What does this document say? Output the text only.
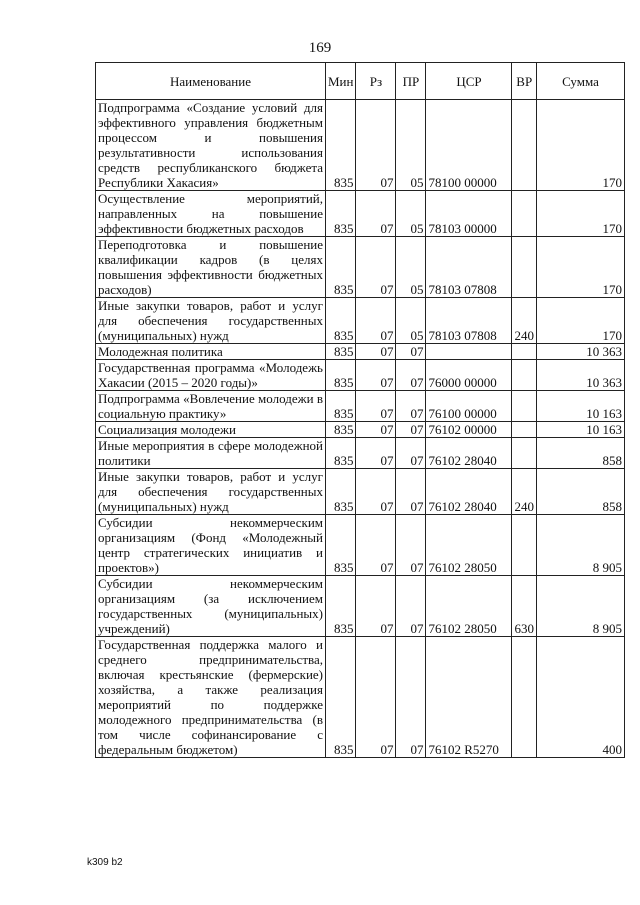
169
Наименование	Мин	Рз	ПР	ЦСР	ВР	Сумма
Подпрограмма «Создание условий для эффективного управления бюджетным процессом и повышения результативности использования средств республиканского бюджета Республики Хакасия»	835	07	05	78100 00000		170
Осуществление мероприятий, направленных на повышение эффективности бюджетных расходов	835	07	05	78103 00000		170
Переподготовка и повышение квалификации кадров (в целях повышения эффективности бюджетных расходов)	835	07	05	78103 07808		170
Иные закупки товаров, работ и услуг для обеспечения государственных (муниципальных) нужд	835	07	05	78103 07808	240	170
Молодежная политика	835	07	07			10 363
Государственная программа «Молодежь Хакасии (2015 – 2020 годы)»	835	07	07	76000 00000		10 363
Подпрограмма «Вовлечение молодежи в социальную практику»	835	07	07	76100 00000		10 163
Социализация молодежи	835	07	07	76102 00000		10 163
Иные мероприятия в сфере молодежной политики	835	07	07	76102 28040		858
Иные закупки товаров, работ и услуг для обеспечения государственных (муниципальных) нужд	835	07	07	76102 28040	240	858
Субсидии некоммерческим организациям (Фонд «Молодежный центр стратегических инициатив и проектов»)	835	07	07	76102 28050		8 905
Субсидии некоммерческим организациям (за исключением государственных (муниципальных) учреждений)	835	07	07	76102 28050	630	8 905
Государственная поддержка малого и среднего предпринимательства, включая крестьянские (фермерские) хозяйства, а также реализация мероприятий по поддержке молодежного предпринимательства (в том числе софинансирование с федеральным бюджетом)	835	07	07	76102 R5270		400
k309 b2
